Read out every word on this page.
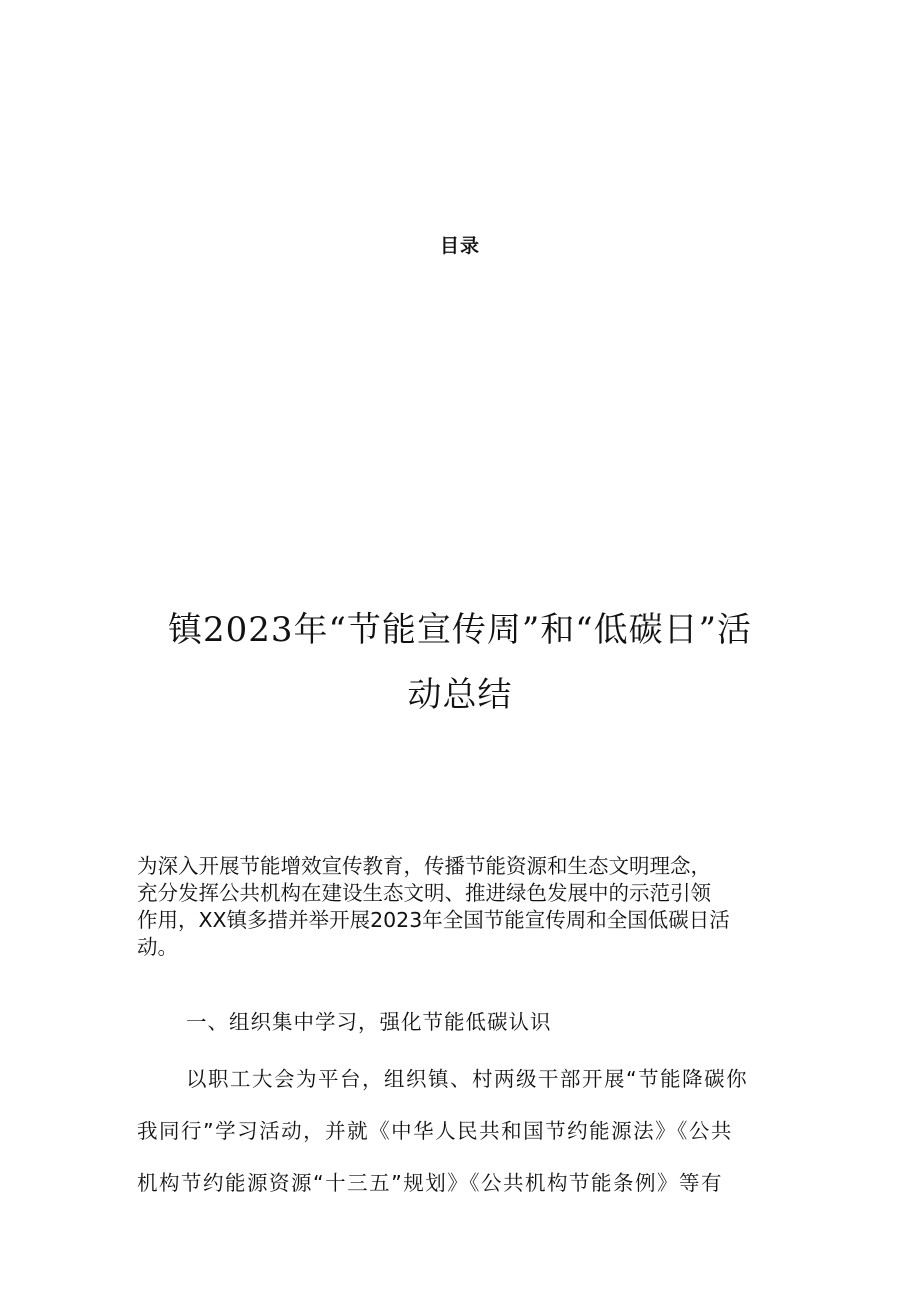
目录
镇2023年“节能宣传周”和“低碳日”活
动总结

为深入开展节能增效宣传教育，传播节能资源和生态文明理念，
充分发挥公共机构在建设生态文明、推进绿色发展中的示范引领
作用，XX镇多措并举开展2023年全国节能宣传周和全国低碳日活
动。

一、组织集中学习，强化节能低碳认识

以职工大会为平台，组织镇、村两级干部开展“节能降碳你
我同行”学习活动，并就《中华人民共和国节约能源法》《公共
机构节约能源资源“十三五”规划》《公共机构节能条例》等有
